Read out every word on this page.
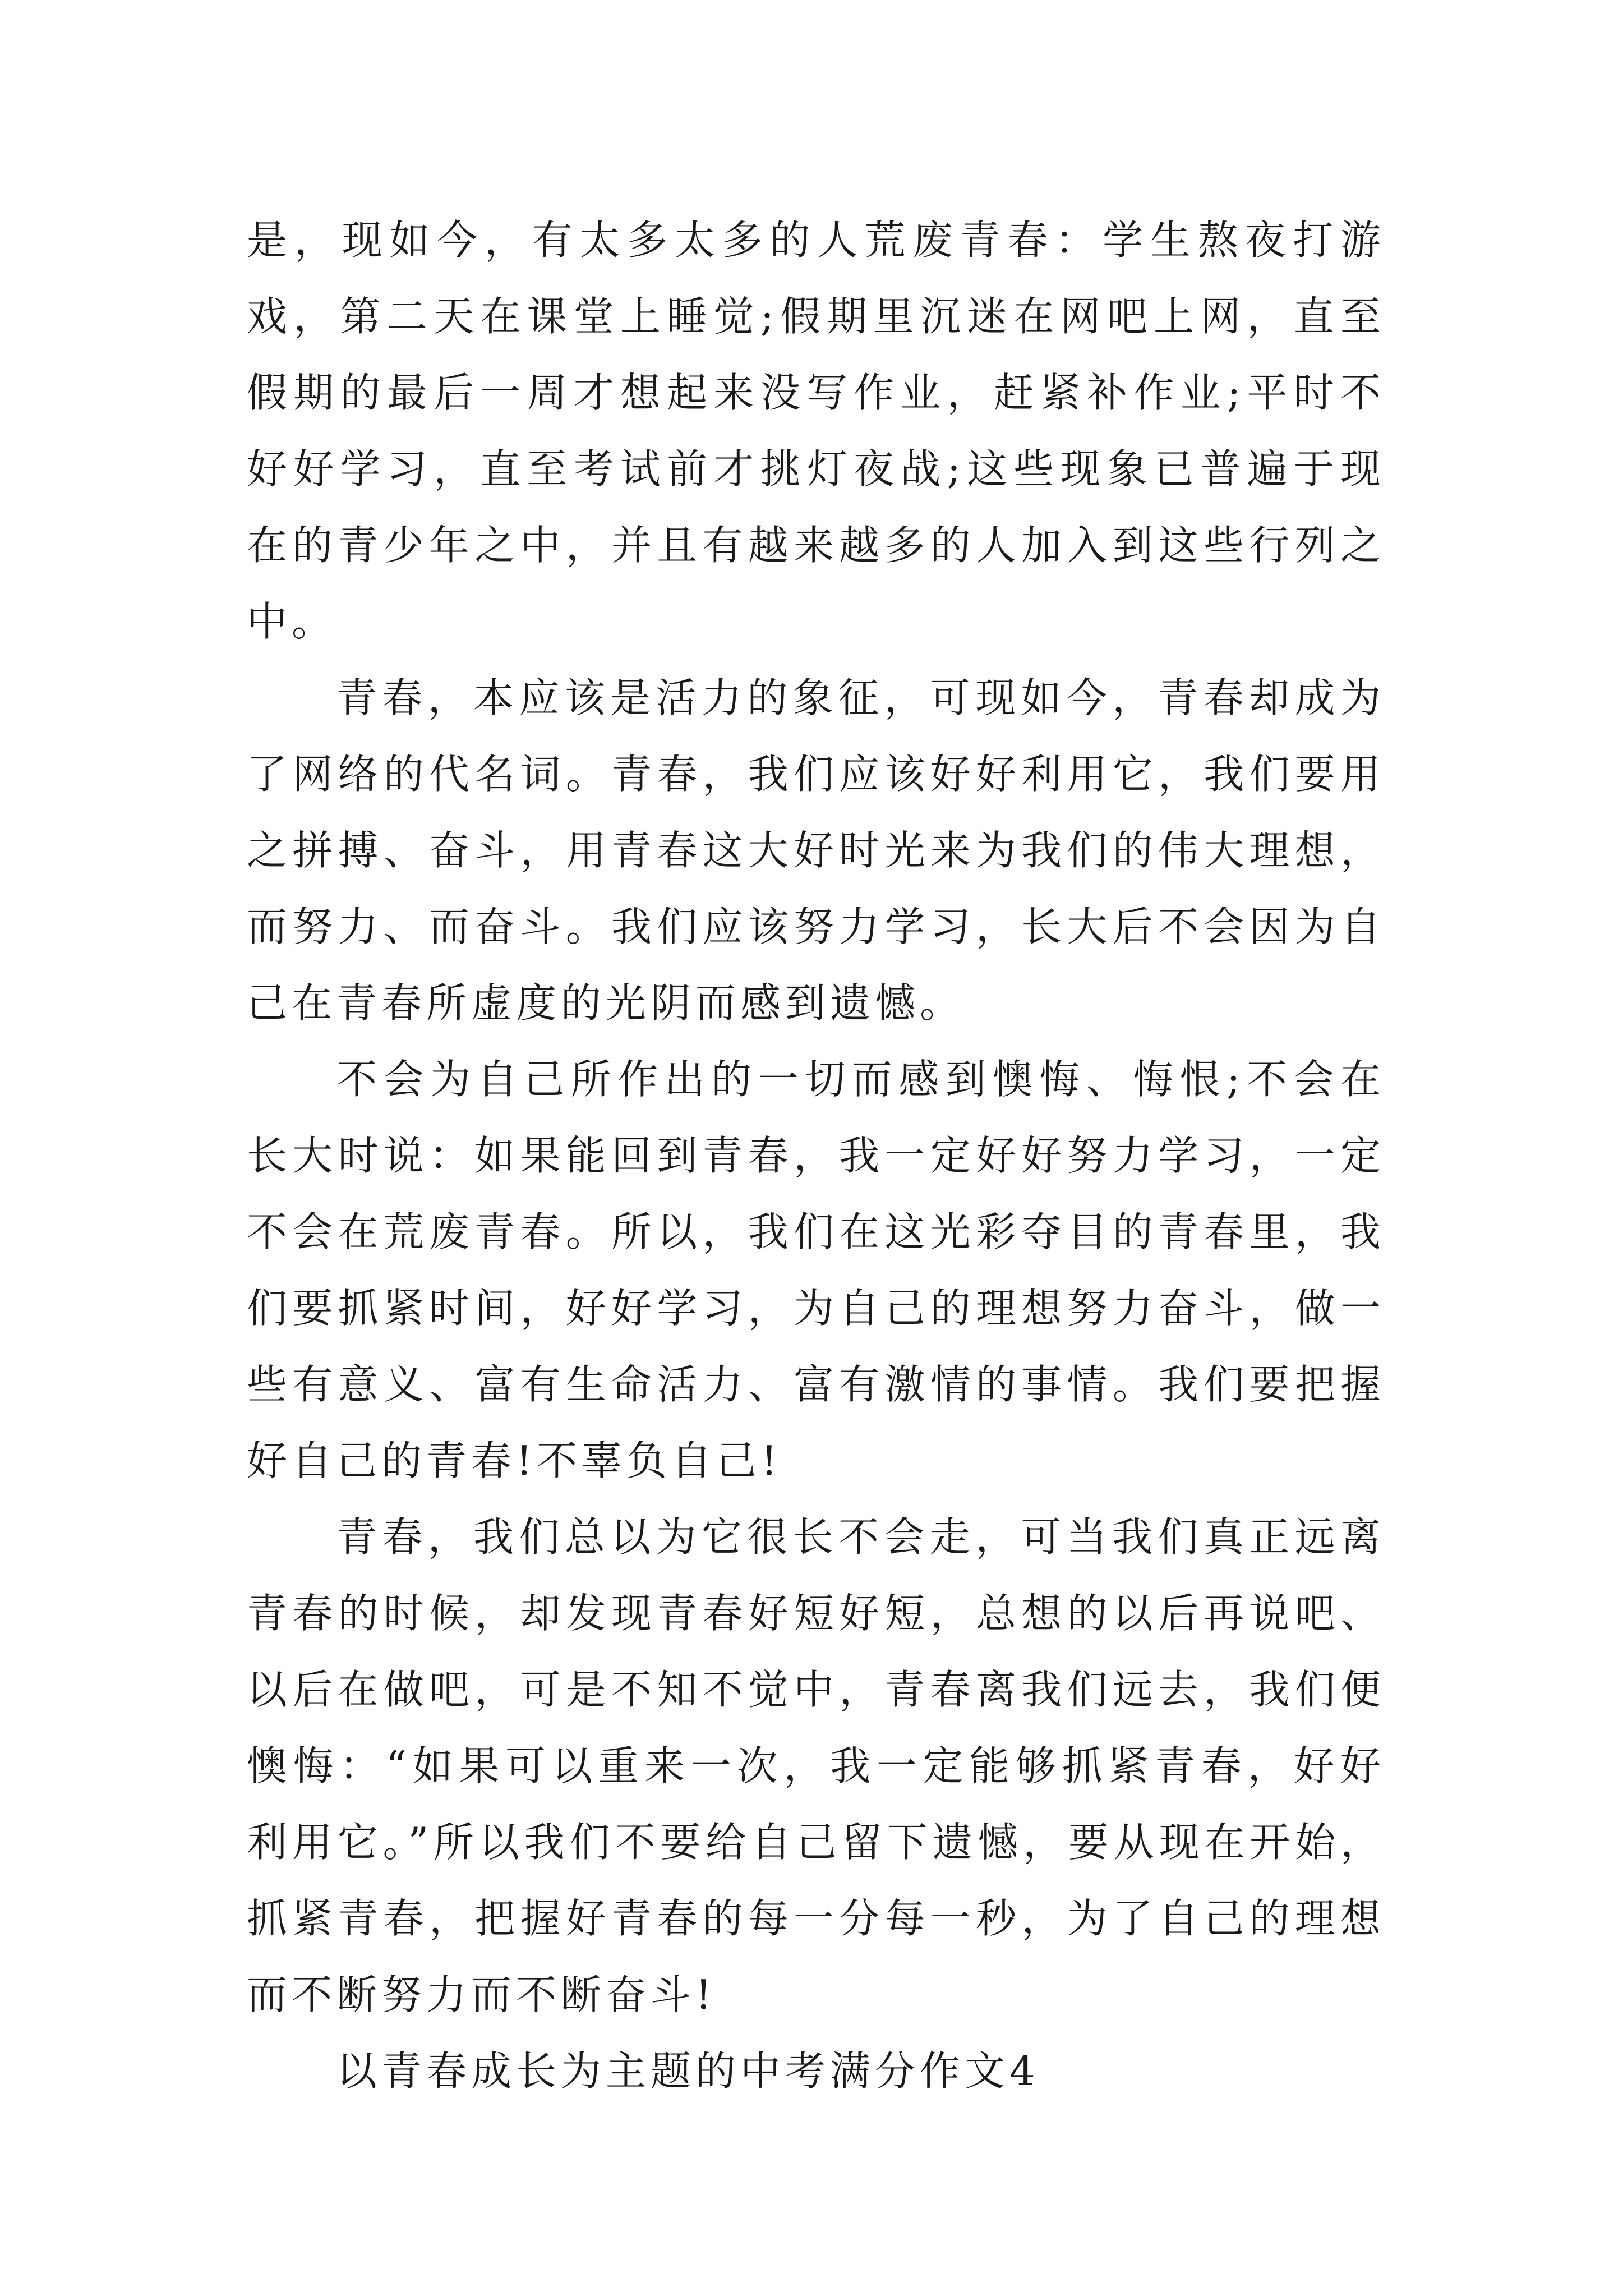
是，现如今，有太多太多的人荒废青春：学生熬夜打游戏，第二天在课堂上睡觉;假期里沉迷在网吧上网，直至假期的最后一周才想起来没写作业，赶紧补作业;平时不好好学习，直至考试前才挑灯夜战;这些现象已普遍于现在的青少年之中，并且有越来越多的人加入到这些行列之中。

青春，本应该是活力的象征，可现如今，青春却成为了网络的代名词。青春，我们应该好好利用它，我们要用之拼搏、奋斗，用青春这大好时光来为我们的伟大理想，而努力、而奋斗。我们应该努力学习，长大后不会因为自己在青春所虚度的光阴而感到遗憾。

不会为自己所作出的一切而感到懊悔、悔恨;不会在长大时说：如果能回到青春，我一定好好努力学习，一定不会在荒废青春。所以，我们在这光彩夺目的青春里，我们要抓紧时间，好好学习，为自己的理想努力奋斗，做一些有意义、富有生命活力、富有激情的事情。我们要把握好自己的青春!不辜负自己!

青春，我们总以为它很长不会走，可当我们真正远离青春的时候，却发现青春好短好短，总想的以后再说吧、以后在做吧，可是不知不觉中，青春离我们远去，我们便懊悔：“如果可以重来一次，我一定能够抓紧青春，好好利用它。”所以我们不要给自己留下遗憾，要从现在开始，抓紧青春，把握好青春的每一分每一秒，为了自己的理想而不断努力而不断奋斗!

以青春成长为主题的中考满分作文4
